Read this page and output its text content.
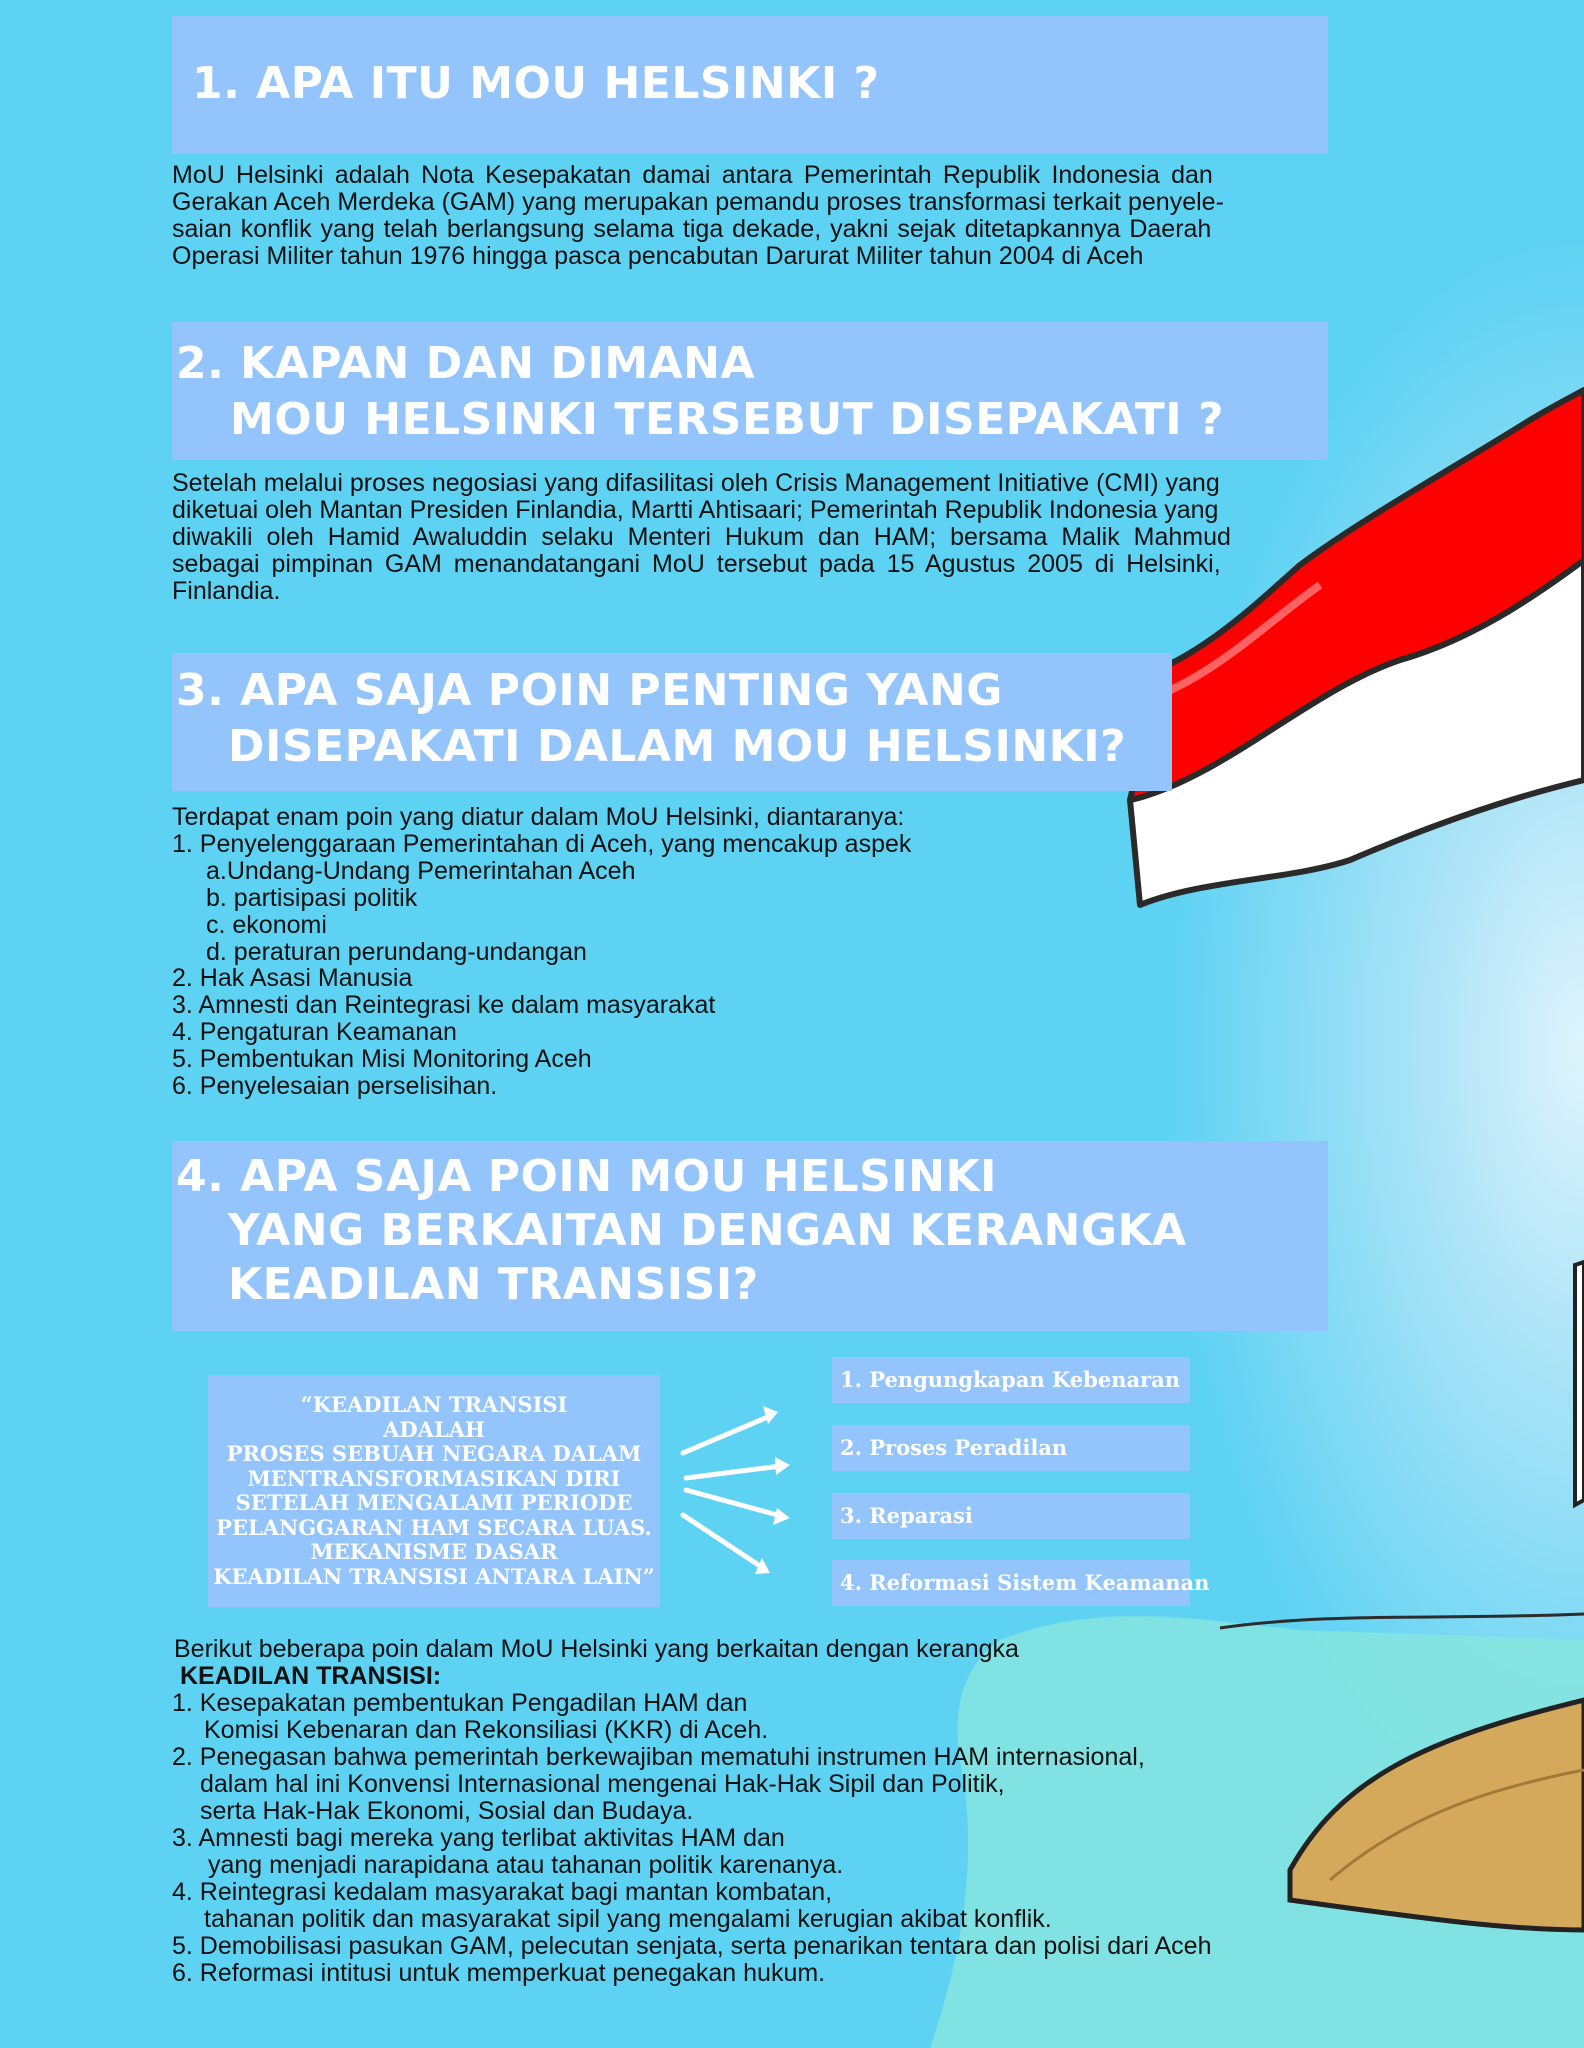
1. APA ITU MOU HELSINKI ?
MoU Helsinki adalah Nota Kesepakatan damai antara Pemerintah Republik Indonesia dan
Gerakan Aceh Merdeka (GAM) yang merupakan pemandu proses transformasi terkait penyele-
saian konflik yang telah berlangsung selama tiga dekade, yakni sejak ditetapkannya Daerah
Operasi Militer tahun 1976 hingga pasca pencabutan Darurat Militer tahun 2004 di Aceh
2. KAPAN DAN DIMANA
MOU HELSINKI TERSEBUT DISEPAKATI ?
Setelah melalui proses negosiasi yang difasilitasi oleh Crisis Management Initiative (CMI) yang
diketuai oleh Mantan Presiden Finlandia, Martti Ahtisaari; Pemerintah Republik Indonesia yang
diwakili oleh Hamid Awaluddin selaku Menteri Hukum dan HAM; bersama Malik Mahmud
sebagai pimpinan GAM menandatangani MoU tersebut pada 15 Agustus 2005 di Helsinki,
Finlandia.
3. APA SAJA POIN PENTING YANG
DISEPAKATI DALAM MOU HELSINKI?
Terdapat enam poin yang diatur dalam MoU Helsinki, diantaranya:
1. Penyelenggaraan Pemerintahan di Aceh, yang mencakup aspek
a.Undang-Undang Pemerintahan Aceh
b. partisipasi politik
c. ekonomi
d. peraturan perundang-undangan
2. Hak Asasi Manusia
3. Amnesti dan Reintegrasi ke dalam masyarakat
4. Pengaturan Keamanan
5. Pembentukan Misi Monitoring Aceh
6. Penyelesaian perselisihan.
4. APA SAJA POIN MOU HELSINKI
YANG BERKAITAN DENGAN KERANGKA
KEADILAN TRANSISI?
“KEADILAN TRANSISI
ADALAH
PROSES SEBUAH NEGARA DALAM
MENTRANSFORMASIKAN DIRI
SETELAH MENGALAMI PERIODE
PELANGGARAN HAM SECARA LUAS.
MEKANISME DASAR
KEADILAN TRANSISI ANTARA LAIN”
1. Pengungkapan Kebenaran
2. Proses Peradilan
3. Reparasi
4. Reformasi Sistem Keamanan
Berikut beberapa poin dalam MoU Helsinki yang berkaitan dengan kerangka
KEADILAN TRANSISI:
1. Kesepakatan pembentukan Pengadilan HAM dan
Komisi Kebenaran dan Rekonsiliasi (KKR) di Aceh.
2. Penegasan bahwa pemerintah berkewajiban mematuhi instrumen HAM internasional,
dalam hal ini Konvensi Internasional mengenai Hak-Hak Sipil dan Politik,
serta Hak-Hak Ekonomi, Sosial dan Budaya.
3. Amnesti bagi mereka yang terlibat aktivitas HAM dan
yang menjadi narapidana atau tahanan politik karenanya.
4. Reintegrasi kedalam masyarakat bagi mantan kombatan,
tahanan politik dan masyarakat sipil yang mengalami kerugian akibat konflik.
5. Demobilisasi pasukan GAM, pelecutan senjata, serta penarikan tentara dan polisi dari Aceh
6. Reformasi intitusi untuk memperkuat penegakan hukum.
